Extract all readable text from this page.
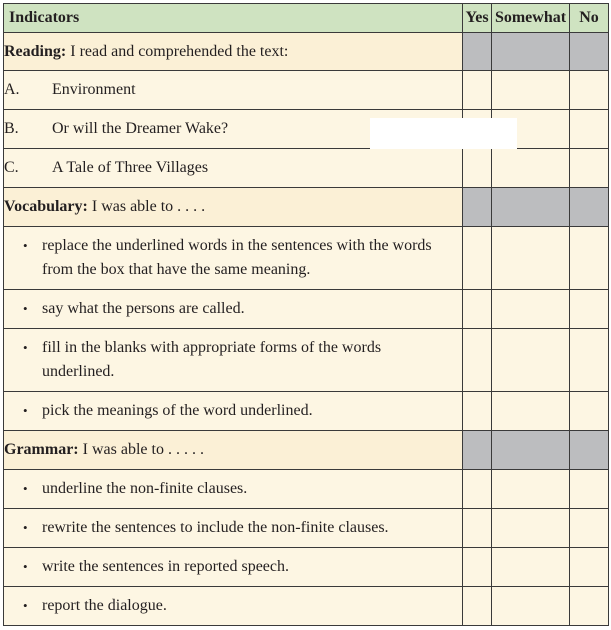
Indicators	Yes	Somewhat	No
Reading: I read and comprehended the text:			
A. Environment			
B. Or will the Dreamer Wake?			
C. A Tale of Three Villages			
Vocabulary: I was able to . . . .			

• replace the underlined words in the sentences with the words from the box that have the same meaning.			

• say what the persons are called.			

• fill in the blanks with appropriate forms of the words underlined.			

• pick the meanings of the word underlined.			

Grammar: I was able to . . . . .			

• underline the non-finite clauses.			

• rewrite the sentences to include the non-finite clauses.			

• write the sentences in reported speech.			

• report the dialogue.			
